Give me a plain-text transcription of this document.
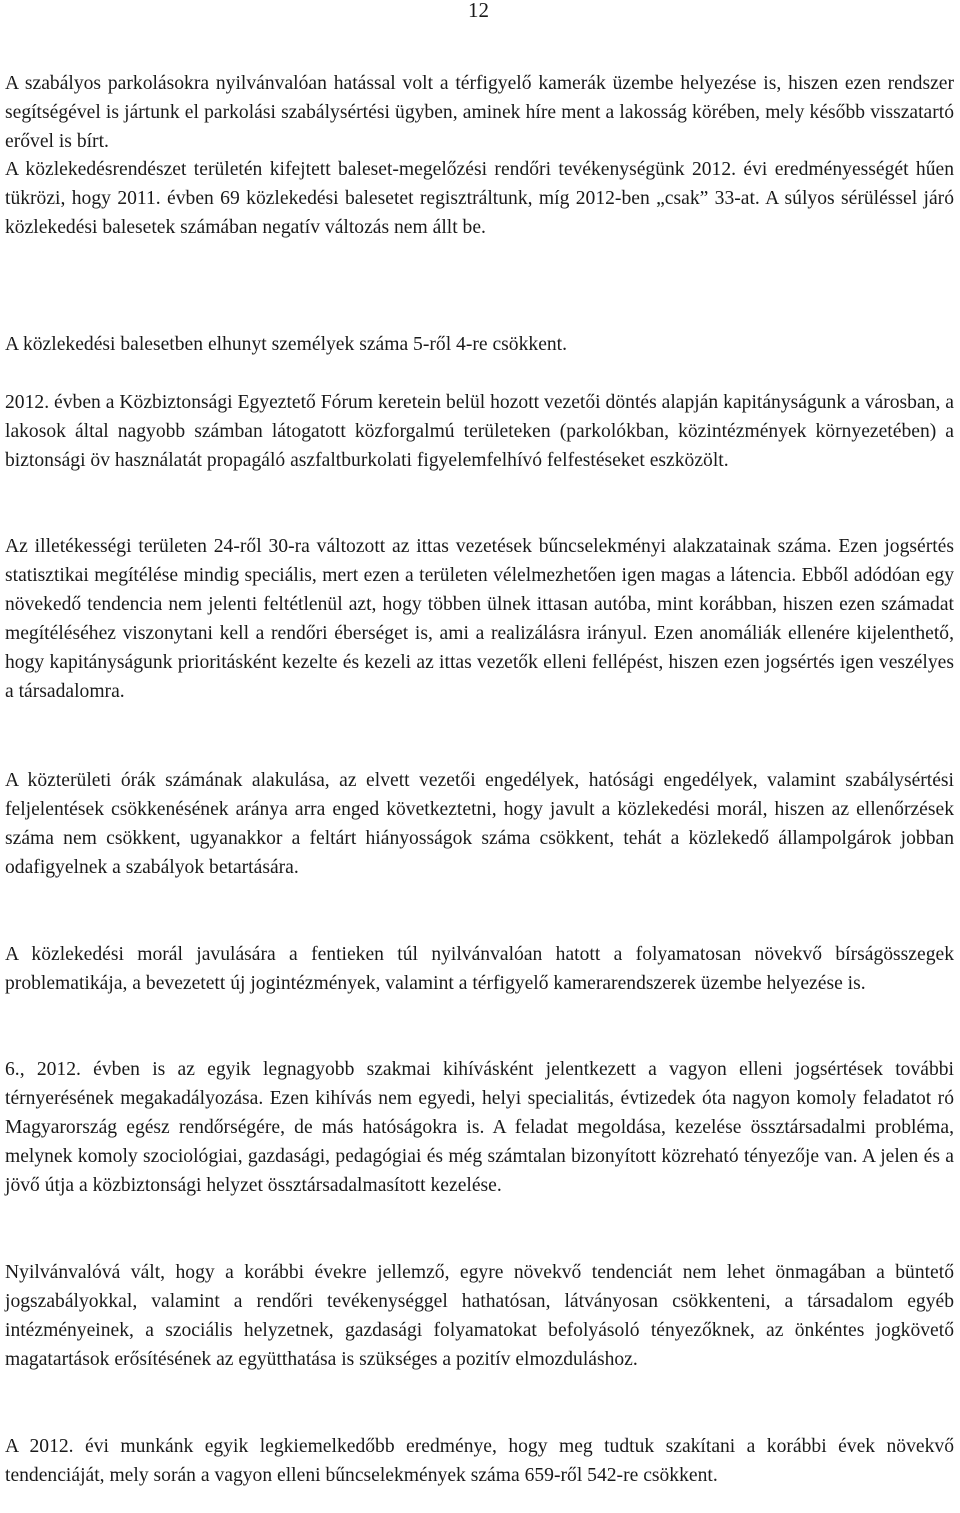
12

A szabályos parkolásokra nyilvánvalóan hatással volt a térfigyelő kamerák üzembe helyezése is, hiszen ezen rendszer segítségével is jártunk el parkolási szabálysértési ügyben, aminek híre ment a lakosság körében, mely később visszatartó erővel is bírt.

A közlekedésrendészet területén kifejtett baleset-megelőzési rendőri tevékenységünk 2012. évi eredményességét hűen tükrözi, hogy 2011. évben 69 közlekedési balesetet regisztráltunk, míg 2012-ben „csak” 33-at. A súlyos sérüléssel járó közlekedési balesetek számában negatív változás nem állt be.

A közlekedési balesetben elhunyt személyek száma 5-ről 4-re csökkent.

2012. évben a Közbiztonsági Egyeztető Fórum keretein belül hozott vezetői döntés alapján kapitányságunk a városban, a lakosok által nagyobb számban látogatott közforgalmú területeken (parkolókban, közintézmények környezetében) a biztonsági öv használatát propagáló aszfaltburkolati figyelemfelhívó felfestéseket eszközölt.

Az illetékességi területen 24-ről 30-ra változott az ittas vezetések bűncselekményi alakzatainak száma. Ezen jogsértés statisztikai megítélése mindig speciális, mert ezen a területen vélelmezhetően igen magas a látencia. Ebből adódóan egy növekedő tendencia nem jelenti feltétlenül azt, hogy többen ülnek ittasan autóba, mint korábban, hiszen ezen számadat megítéléséhez viszonytani kell a rendőri éberséget is, ami a realizálásra irányul. Ezen anomáliák ellenére kijelenthető, hogy kapitányságunk prioritásként kezelte és kezeli az ittas vezetők elleni fellépést, hiszen ezen jogsértés igen veszélyes a társadalomra.

A közterületi órák számának alakulása, az elvett vezetői engedélyek, hatósági engedélyek, valamint szabálysértési feljelentések csökkenésének aránya arra enged következtetni, hogy javult a közlekedési morál, hiszen az ellenőrzések száma nem csökkent, ugyanakkor a feltárt hiányosságok száma csökkent, tehát a közlekedő állampolgárok jobban odafigyelnek a szabályok betartására.

A közlekedési morál javulására a fentieken túl nyilvánvalóan hatott a folyamatosan növekvő bírságösszegek problematikája, a bevezetett új jogintézmények, valamint a térfigyelő kamerarendszerek üzembe helyezése is.

6., 2012. évben is az egyik legnagyobb szakmai kihívásként jelentkezett a vagyon elleni jogsértések további térnyerésének megakadályozása. Ezen kihívás nem egyedi, helyi specialitás, évtizedek óta nagyon komoly feladatot ró Magyarország egész rendőrségére, de más hatóságokra is. A feladat megoldása, kezelése össztársadalmi probléma, melynek komoly szociológiai, gazdasági, pedagógiai és még számtalan bizonyított közreható tényezője van. A jelen és a jövő útja a közbiztonsági helyzet össztársadalmasított kezelése.

Nyilvánvalóvá vált, hogy a korábbi évekre jellemző, egyre növekvő tendenciát nem lehet önmagában a büntető jogszabályokkal, valamint a rendőri tevékenységgel hathatósan, látványosan csökkenteni, a társadalom egyéb intézményeinek, a szociális helyzetnek, gazdasági folyamatokat befolyásoló tényezőknek, az önkéntes jogkövető magatartások erősítésének az együtthatása is szükséges a pozitív elmozduláshoz.

A 2012. évi munkánk egyik legkiemelkedőbb eredménye, hogy meg tudtuk szakítani a korábbi évek növekvő tendenciáját, mely során a vagyon elleni bűncselekmények száma 659-ről 542-re csökkent.
